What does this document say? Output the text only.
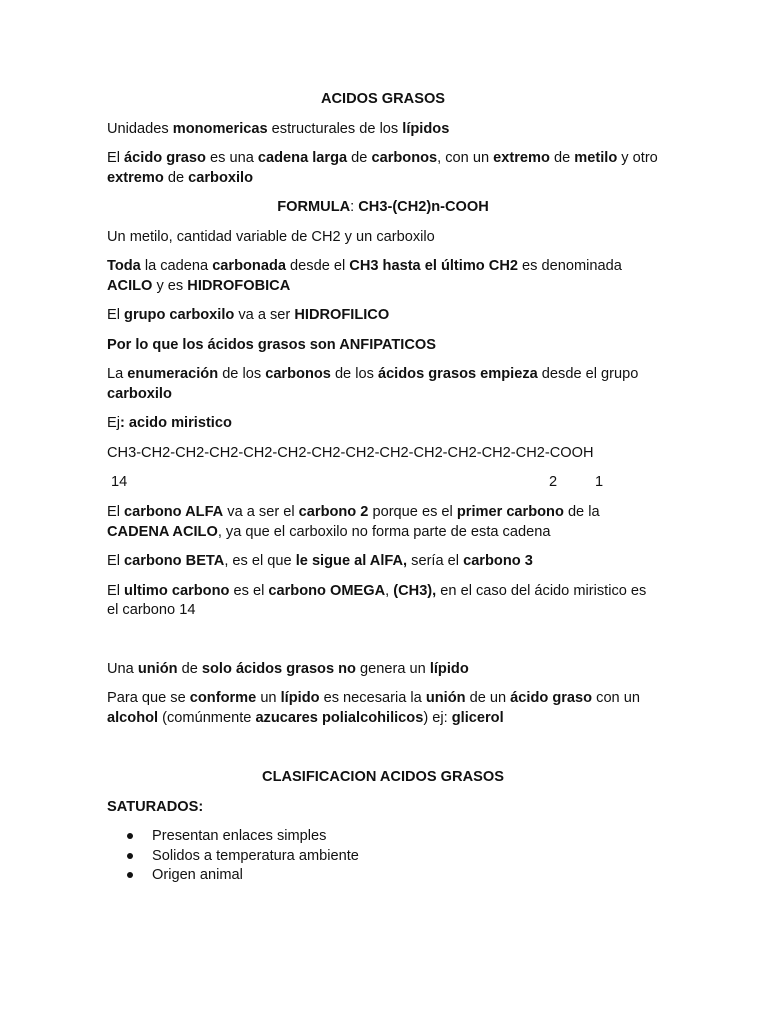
ACIDOS GRASOS

Unidades monomericas estructurales de los lípidos

El ácido graso es una cadena larga de carbonos, con un extremo de metilo y otro extremo de carboxilo

FORMULA: CH3-(CH2)n-COOH

Un metilo, cantidad variable de CH2 y un carboxilo

Toda la cadena carbonada desde el CH3 hasta el último CH2 es denominada ACILO y es HIDROFOBICA

El grupo carboxilo va a ser HIDROFILICO

Por lo que los ácidos grasos son ANFIPATICOS

La enumeración de los carbonos de los ácidos grasos empieza desde el grupo carboxilo

Ej: acido miristico

CH3-CH2-CH2-CH2-CH2-CH2-CH2-CH2-CH2-CH2-CH2-CH2-CH2-COOH

14	2	1

El carbono ALFA va a ser el carbono 2 porque es el primer carbono de la CADENA ACILO, ya que el carboxilo no forma parte de esta cadena

El carbono BETA, es el que le sigue al AlFA, sería el carbono 3

El ultimo carbono es el carbono OMEGA, (CH3), en el caso del ácido miristico es el carbono 14

Una unión de solo ácidos grasos no genera un lípido

Para que se conforme un lípido es necesaria la unión de un ácido graso con un alcohol (comúnmente azucares polialcohilicos) ej: glicerol

CLASIFICACION ACIDOS GRASOS

SATURADOS:

Presentan enlaces simples
Solidos a temperatura ambiente
Origen animal
